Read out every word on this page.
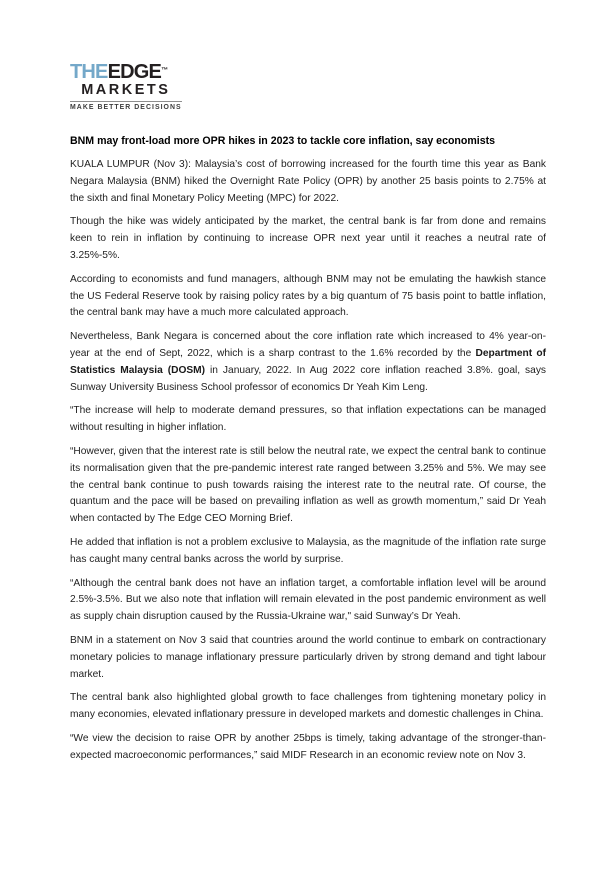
THEEDGE™
MARKETS
MAKE BETTER DECISIONS
BNM may front-load more OPR hikes in 2023 to tackle core inflation, say economists

KUALA LUMPUR (Nov 3): Malaysia’s cost of borrowing increased for the fourth time this year as Bank Negara Malaysia (BNM) hiked the Overnight Rate Policy (OPR) by another 25 basis points to 2.75% at the sixth and final Monetary Policy Meeting (MPC) for 2022.

Though the hike was widely anticipated by the market, the central bank is far from done and remains keen to rein in inflation by continuing to increase OPR next year until it reaches a neutral rate of 3.25%-5%.

According to economists and fund managers, although BNM may not be emulating the hawkish stance the US Federal Reserve took by raising policy rates by a big quantum of 75 basis point to battle inflation, the central bank may have a much more calculated approach.

Nevertheless, Bank Negara is concerned about the core inflation rate which increased to 4% year-on-year at the end of Sept, 2022, which is a sharp contrast to the 1.6% recorded by the Department of Statistics Malaysia (DOSM) in January, 2022. In Aug 2022 core inflation reached 3.8%. goal, says Sunway University Business School professor of economics Dr Yeah Kim Leng.

“The increase will help to moderate demand pressures, so that inflation expectations can be managed without resulting in higher inflation.

“However, given that the interest rate is still below the neutral rate, we expect the central bank to continue its normalisation given that the pre-pandemic interest rate ranged between 3.25% and 5%. We may see the central bank continue to push towards raising the interest rate to the neutral rate. Of course, the quantum and the pace will be based on prevailing inflation as well as growth momentum,” said Dr Yeah when contacted by The Edge CEO Morning Brief.

He added that inflation is not a problem exclusive to Malaysia, as the magnitude of the inflation rate surge has caught many central banks across the world by surprise.

“Although the central bank does not have an inflation target, a comfortable inflation level will be around 2.5%-3.5%. But we also note that inflation will remain elevated in the post pandemic environment as well as supply chain disruption caused by the Russia-Ukraine war," said Sunway’s Dr Yeah.

BNM in a statement on Nov 3 said that countries around the world continue to embark on contractionary monetary policies to manage inflationary pressure particularly driven by strong demand and tight labour market.

The central bank also highlighted global growth to face challenges from tightening monetary policy in many economies, elevated inflationary pressure in developed markets and domestic challenges in China.

“We view the decision to raise OPR by another 25bps is timely, taking advantage of the stronger-than-expected macroeconomic performances,” said MIDF Research in an economic review note on Nov 3.
